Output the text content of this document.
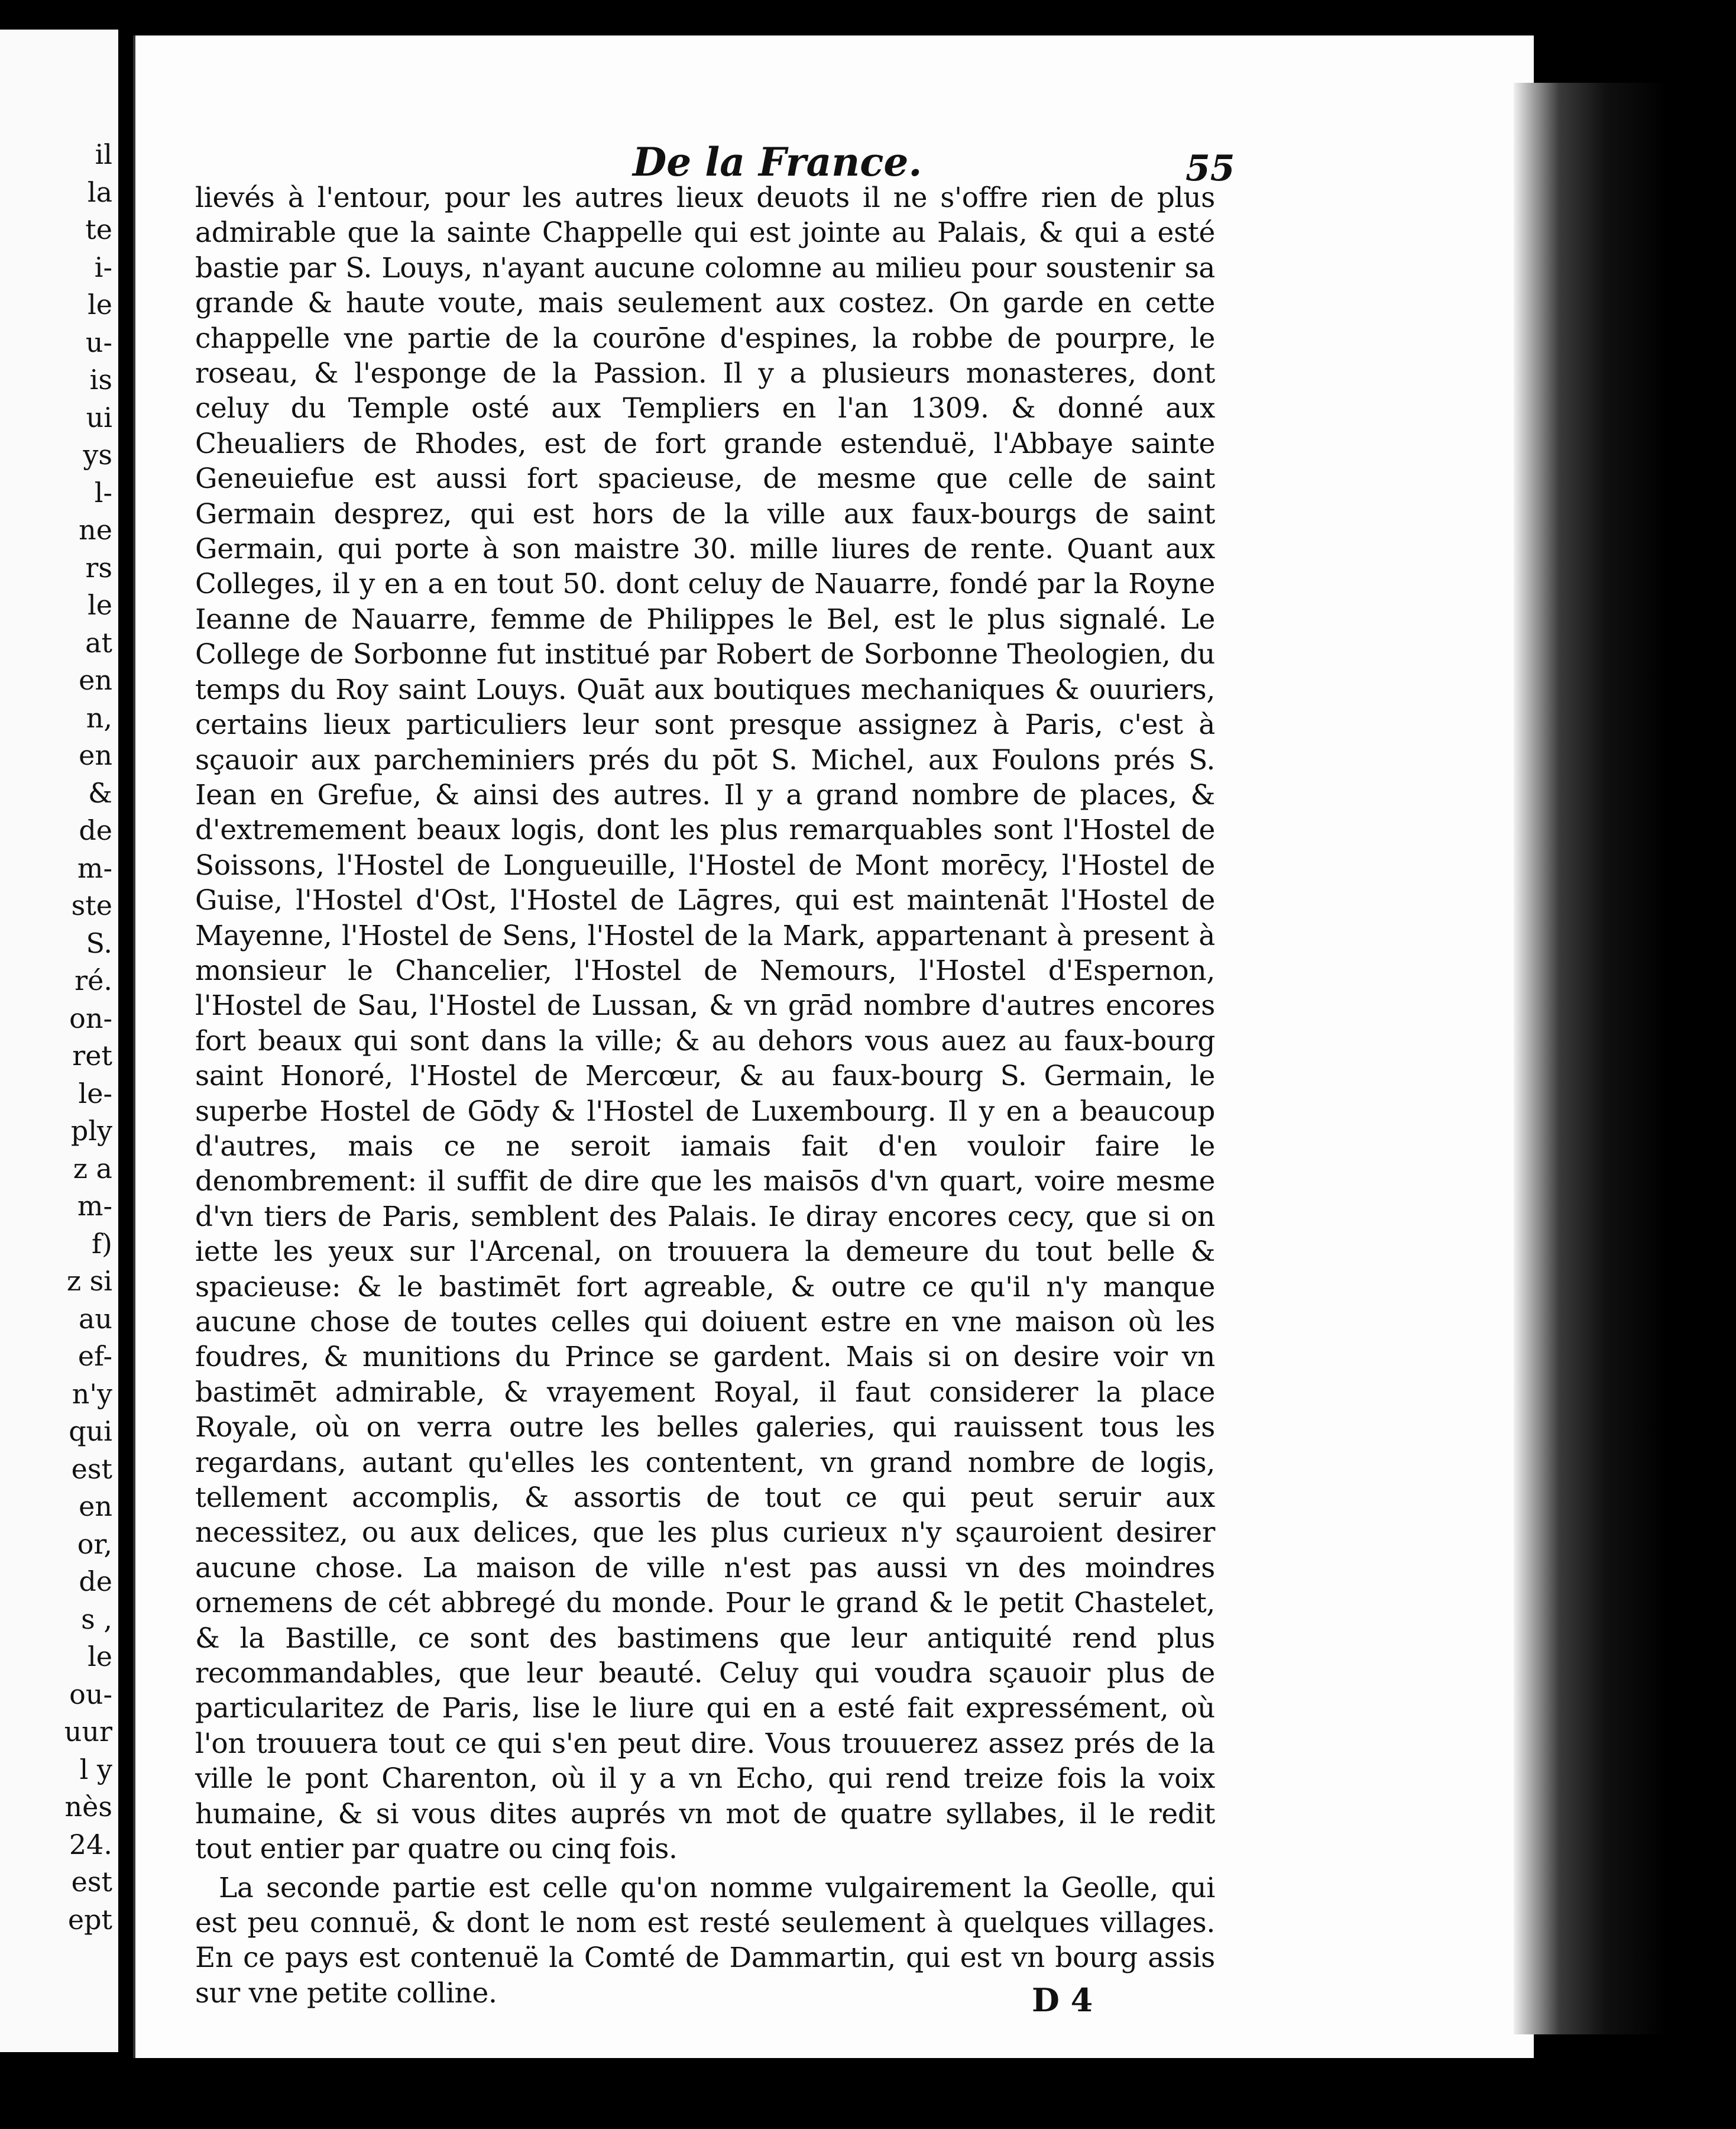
il
la
te
i-
le
u-
is
ui
ys
l-
ne
rs
le
at
en
n,
en
&
de
m-
ste
S.
ré.
on-
ret
le-
ply
z a
m-
f)
z si
au
ef-
n'y
qui
est
en
or,
de
s ,
le
ou-
uur
l y
nès
24.
est
ept
De la France.	55

lievés à l'entour, pour les autres lieux deuots il ne s'offre rien de plus admirable que la sainte Chappelle qui est jointe au Palais, & qui a esté bastie par S. Louys, n'ayant aucune colomne au milieu pour soustenir sa grande & haute voute, mais seulement aux costez. On garde en cette chappelle vne partie de la courōne d'espines, la robbe de pourpre, le roseau, & l'esponge de la Passion. Il y a plusieurs monasteres, dont celuy du Temple osté aux Templiers en l'an 1309. & donné aux Cheualiers de Rhodes, est de fort grande estenduë, l'Abbaye sainte Geneuiefue est aussi fort spacieuse, de mesme que celle de saint Germain desprez, qui est hors de la ville aux faux-bourgs de saint Germain, qui porte à son maistre 30. mille liures de rente. Quant aux Colleges, il y en a en tout 50. dont celuy de Nauarre, fondé par la Royne Ieanne de Nauarre, femme de Philippes le Bel, est le plus signalé. Le College de Sorbonne fut institué par Robert de Sorbonne Theologien, du temps du Roy saint Louys. Quāt aux boutiques mechaniques & ouuriers, certains lieux particuliers leur sont presque assignez à Paris, c'est à sçauoir aux parcheminiers prés du pōt S. Michel, aux Foulons prés S. Iean en Grefue, & ainsi des autres. Il y a grand nombre de places, & d'extremement beaux logis, dont les plus remarquables sont l'Hostel de Soissons, l'Hostel de Longueuille, l'Hostel de Mont morēcy, l'Hostel de Guise, l'Hostel d'Ost, l'Hostel de Lāgres, qui est maintenāt l'Hostel de Mayenne, l'Hostel de Sens, l'Hostel de la Mark, appartenant à present à monsieur le Chancelier, l'Hostel de Nemours, l'Hostel d'Espernon, l'Hostel de Sau, l'Hostel de Lussan, & vn grād nombre d'autres encores fort beaux qui sont dans la ville; & au dehors vous auez au faux-bourg saint Honoré, l'Hostel de Mercœur, & au faux-bourg S. Germain, le superbe Hostel de Gōdy & l'Hostel de Luxembourg. Il y en a beaucoup d'autres, mais ce ne seroit iamais fait d'en vouloir faire le denombrement: il suffit de dire que les maisōs d'vn quart, voire mesme d'vn tiers de Paris, semblent des Palais. Ie diray encores cecy, que si on iette les yeux sur l'Arcenal, on trouuera la demeure du tout belle & spacieuse: & le bastimēt fort agreable, & outre ce qu'il n'y manque aucune chose de toutes celles qui doiuent estre en vne maison où les foudres, & munitions du Prince se gardent. Mais si on desire voir vn bastimēt admirable, & vrayement Royal, il faut considerer la place Royale, où on verra outre les belles galeries, qui rauissent tous les regardans, autant qu'elles les contentent, vn grand nombre de logis, tellement accomplis, & assortis de tout ce qui peut seruir aux necessitez, ou aux delices, que les plus curieux n'y sçauroient desirer aucune chose. La maison de ville n'est pas aussi vn des moindres ornemens de cét abbregé du monde. Pour le grand & le petit Chastelet, & la Bastille, ce sont des bastimens que leur antiquité rend plus recommandables, que leur beauté. Celuy qui voudra sçauoir plus de particularitez de Paris, lise le liure qui en a esté fait expressément, où l'on trouuera tout ce qui s'en peut dire. Vous trouuerez assez prés de la ville le pont Charenton, où il y a vn Echo, qui rend treize fois la voix humaine, & si vous dites auprés vn mot de quatre syllabes, il le redit tout entier par quatre ou cinq fois.

La seconde partie est celle qu'on nomme vulgairement la Geolle, qui est peu connuë, & dont le nom est resté seulement à quelques villages. En ce pays est contenuë la Comté de Dammartin, qui est vn bourg assis sur vne petite colline.	D 4
